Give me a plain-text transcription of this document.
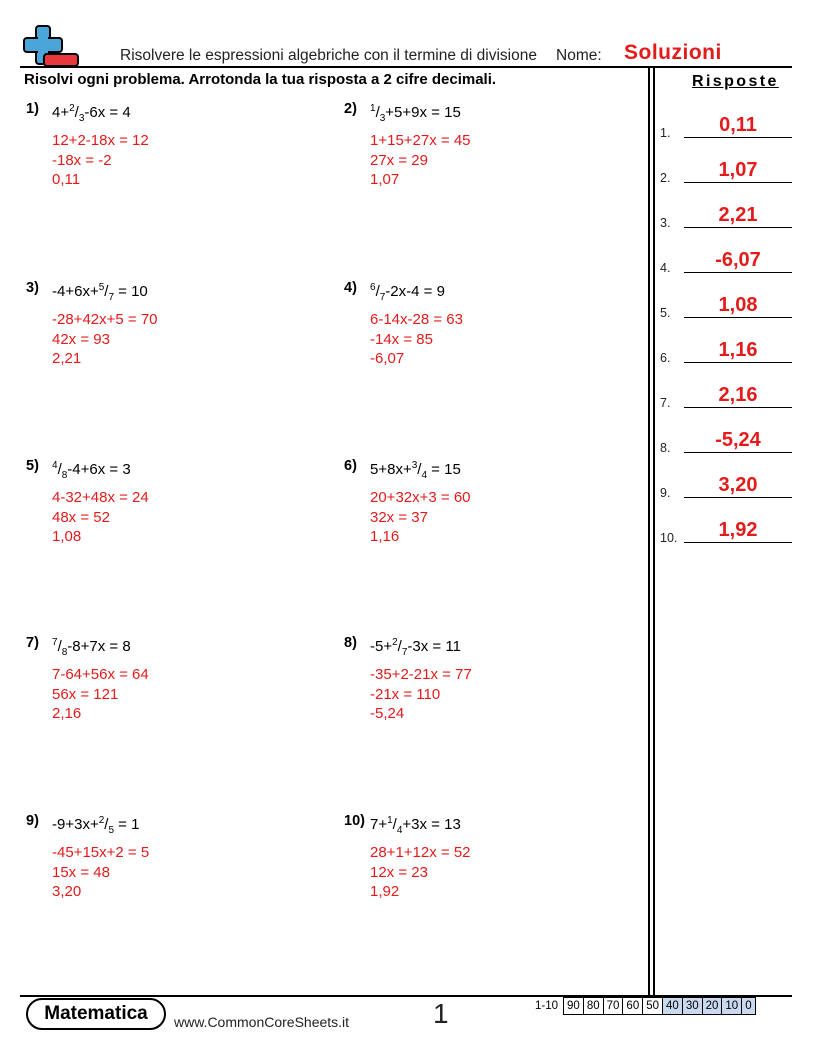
Risolvere le espressioni algebriche con il termine di divisione Nome: Soluzioni
Risolvi ogni problema. Arrotonda la tua risposta a 2 cifre decimali.	Risposte
1) $4+^2/_3-6x = 4$
12+2-18x = 12
-18x = -2
0,11
2) $^1/_3+5+9x = 15$
1+15+27x = 45
27x = 29
1,07
3) $-4+6x+^5/_7 = 10$
-28+42x+5 = 70
42x = 93
2,21
4) $^6/_7-2x-4 = 9$
6-14x-28 = 63
-14x = 85
-6,07
5) $^4/_8-4+6x = 3$
4-32+48x = 24
48x = 52
1,08
6) $5+8x+^3/_4 = 15$
20+32x+3 = 60
32x = 37
1,16
7) $^7/_8-8+7x = 8$
7-64+56x = 64
56x = 121
2,16
8) $-5+^2/_7-3x = 11$
-35+2-21x = 77
-21x = 110
-5,24
9) $-9+3x+^2/_5 = 1$
-45+15x+2 = 5
15x = 48
3,20
10) $7+^1/_4+3x = 13$
28+1+12x = 52
12x = 23
1,92
1.	0,11
2.	1,07
3.	2,21
4.	-6,07
5.	1,08
6.	1,16
7.	2,16
8.	-5,24
9.	3,20
10.	1,92
Matematica	www.CommonCoreSheets.it	1	1-10	90	80	70	60	50	40	30	20	10	0
